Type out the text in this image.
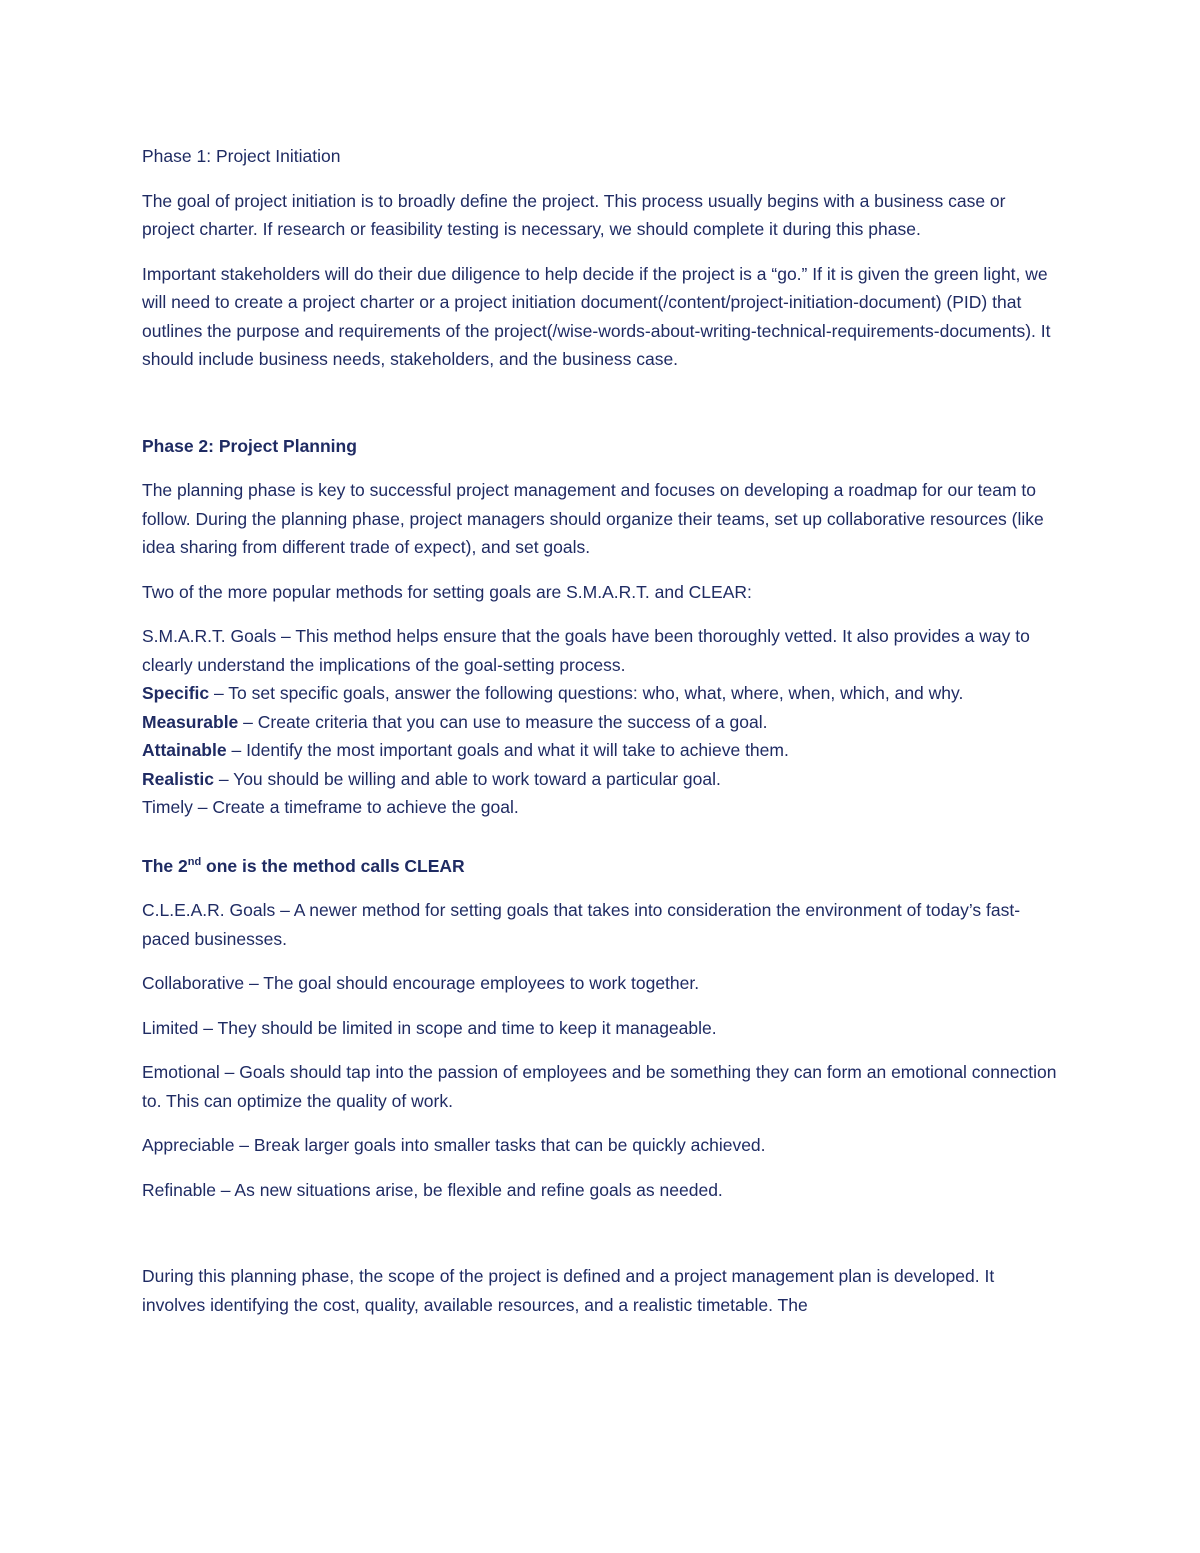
Phase 1: Project Initiation

The goal of project initiation is to broadly define the project. This process usually begins with a business case or project charter. If research or feasibility testing is necessary, we should complete it during this phase.

Important stakeholders will do their due diligence to help decide if the project is a “go.” If it is given the green light, we will need to create a project charter or a project initiation document(/content/project-initiation-document) (PID) that outlines the purpose and requirements of the project(/wise-words-about-writing-technical-requirements-documents). It should include business needs, stakeholders, and the business case.

Phase 2: Project Planning

The planning phase is key to successful project management and focuses on developing a roadmap for our team to follow. During the planning phase, project managers should organize their teams, set up collaborative resources (like idea sharing from different trade of expect), and set goals.

Two of the more popular methods for setting goals are S.M.A.R.T. and CLEAR:

S.M.A.R.T. Goals – This method helps ensure that the goals have been thoroughly vetted. It also provides a way to clearly understand the implications of the goal-setting process.

Specific – To set specific goals, answer the following questions: who, what, where, when, which, and why.

Measurable – Create criteria that you can use to measure the success of a goal.

Attainable – Identify the most important goals and what it will take to achieve them.

Realistic – You should be willing and able to work toward a particular goal.

Timely – Create a timeframe to achieve the goal.

The 2nd one is the method calls CLEAR

C.L.E.A.R. Goals – A newer method for setting goals that takes into consideration the environment of today’s fast-paced businesses.

Collaborative – The goal should encourage employees to work together.

Limited – They should be limited in scope and time to keep it manageable.

Emotional – Goals should tap into the passion of employees and be something they can form an emotional connection to. This can optimize the quality of work.

Appreciable – Break larger goals into smaller tasks that can be quickly achieved.

Refinable – As new situations arise, be flexible and refine goals as needed.

During this planning phase, the scope of the project is defined and a project management plan is developed. It involves identifying the cost, quality, available resources, and a realistic timetable. The
